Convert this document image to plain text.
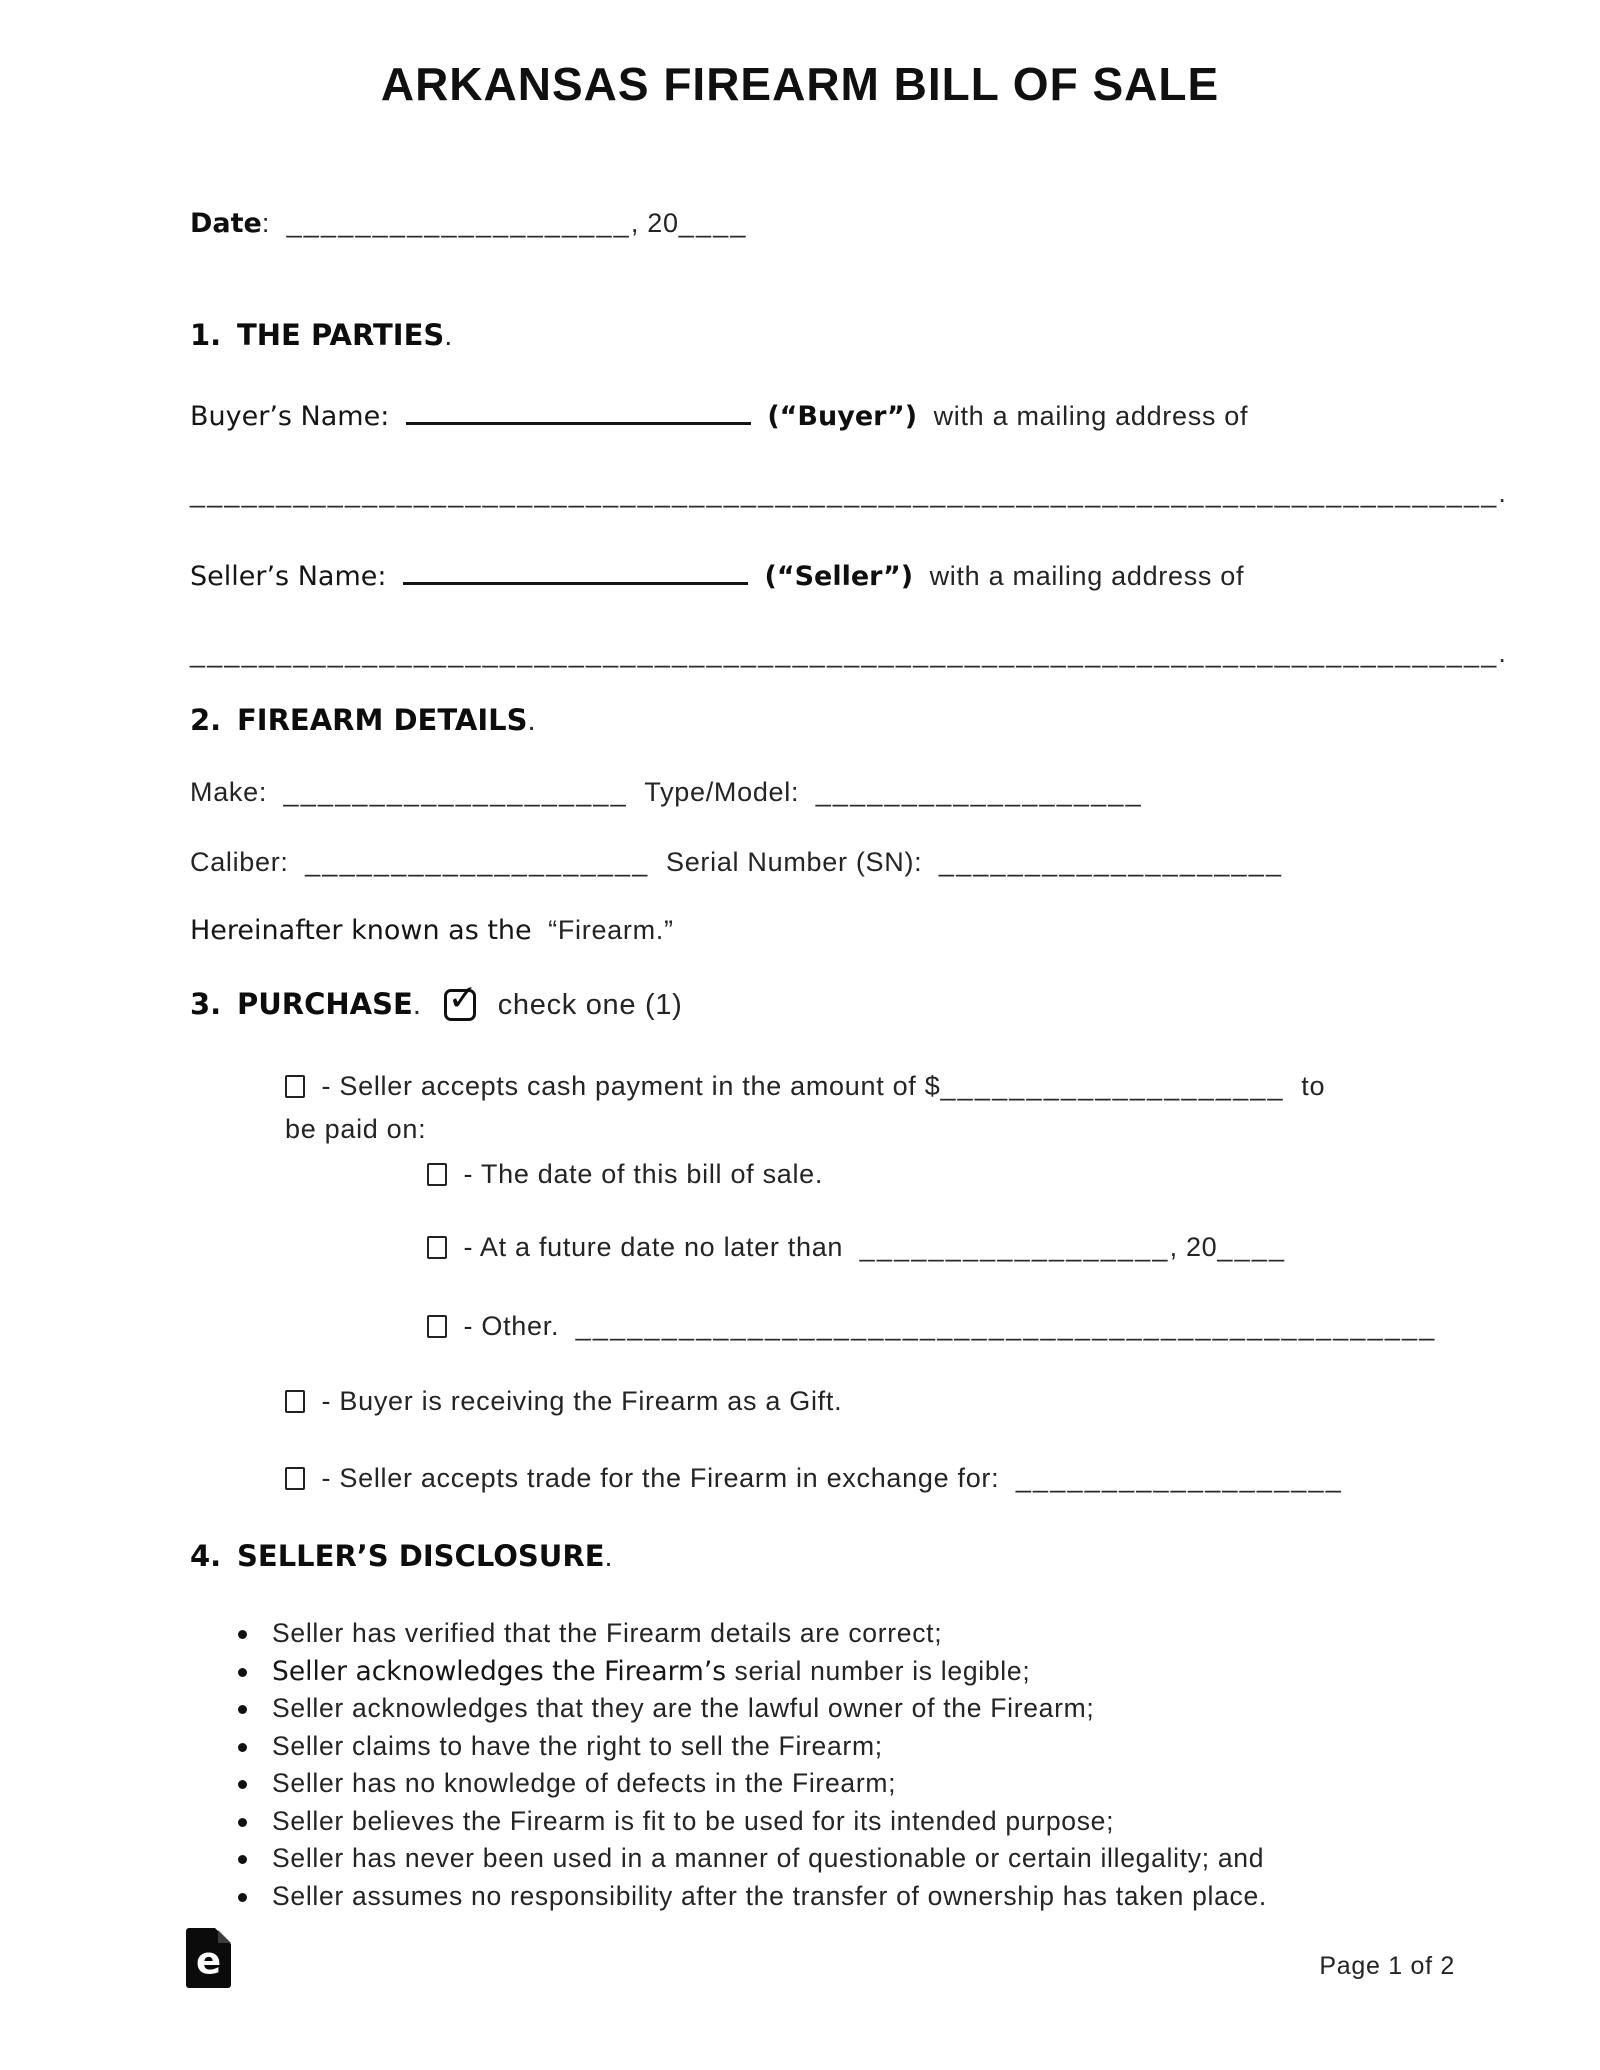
ARKANSAS FIREARM BILL OF SALE
Date: ____________________, 20____
1. THE PARTIES.
Buyer’s Name:	(“Buyer”) with a mailing address of
____________________________________________________________________________.
Seller’s Name:	(“Seller”) with a mailing address of
____________________________________________________________________________.
2. FIREARM DETAILS.
Make: ____________________ Type/Model: ___________________
Caliber: ____________________ Serial Number (SN): ____________________
Hereinafter known as the “Firearm.”
3. PURCHASE. ✓ check one (1)
- Seller accepts cash payment in the amount of $____________________ to
be paid on:
- The date of this bill of sale.
- At a future date no later than __________________, 20____
- Other. __________________________________________________
- Buyer is receiving the Firearm as a Gift.
- Seller accepts trade for the Firearm in exchange for: ___________________
4. SELLER’S DISCLOSURE.
Seller has verified that the Firearm details are correct;
Seller acknowledges the Firearm’s serial number is legible;
Seller acknowledges that they are the lawful owner of the Firearm;
Seller claims to have the right to sell the Firearm;
Seller has no knowledge of defects in the Firearm;
Seller believes the Firearm is fit to be used for its intended purpose;
Seller has never been used in a manner of questionable or certain illegality; and
Seller assumes no responsibility after the transfer of ownership has taken place.
e	Page 1 of 2
